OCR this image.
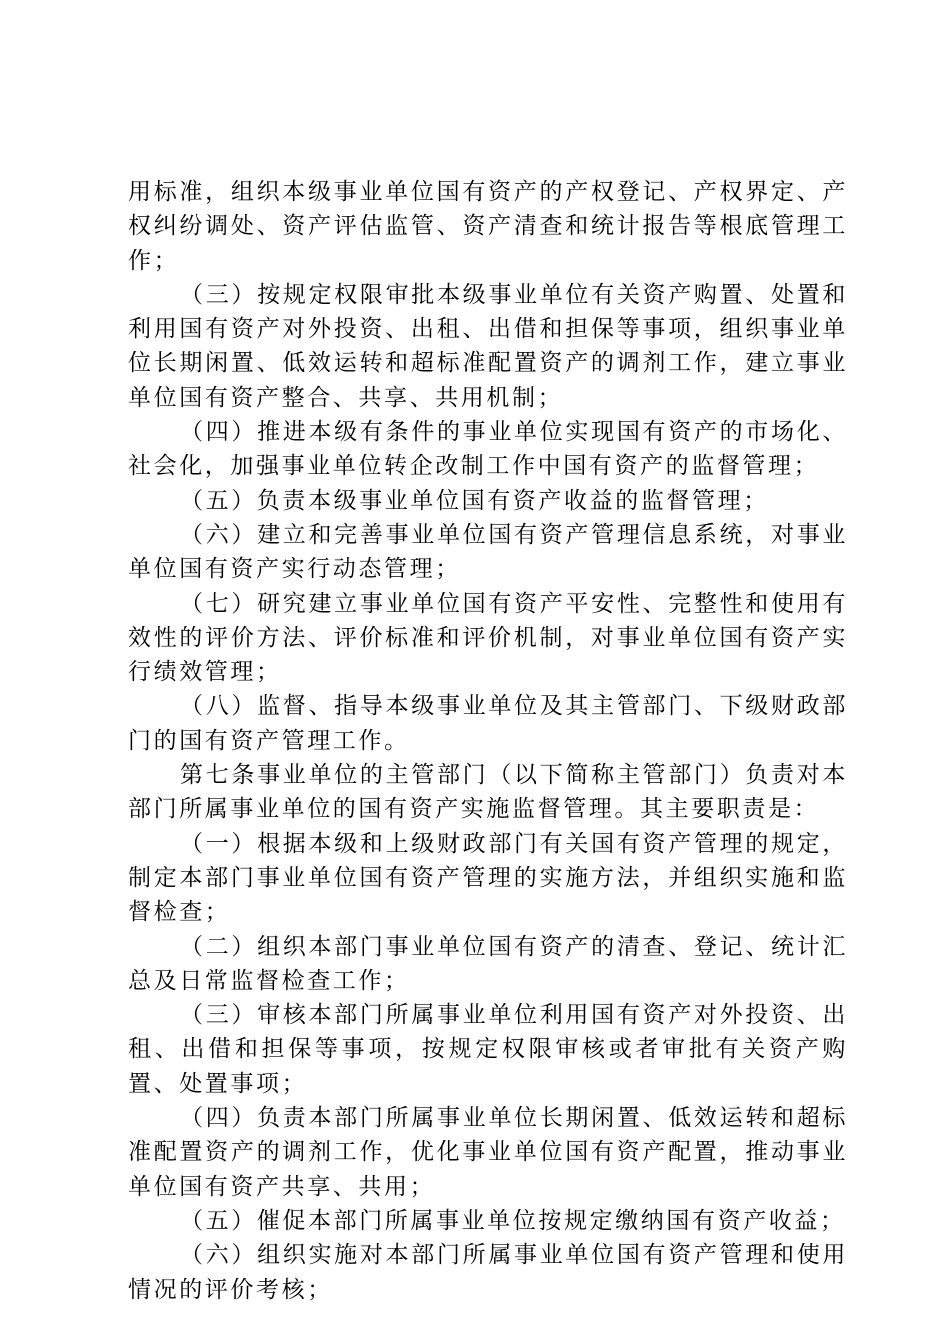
用标准，组织本级事业单位国有资产的产权登记、产权界定、产权纠纷调处、资产评估监管、资产清查和统计报告等根底管理工作；

（三）按规定权限审批本级事业单位有关资产购置、处置和利用国有资产对外投资、出租、出借和担保等事项，组织事业单位长期闲置、低效运转和超标准配置资产的调剂工作，建立事业单位国有资产整合、共享、共用机制；

（四）推进本级有条件的事业单位实现国有资产的市场化、社会化，加强事业单位转企改制工作中国有资产的监督管理；

（五）负责本级事业单位国有资产收益的监督管理；

（六）建立和完善事业单位国有资产管理信息系统，对事业单位国有资产实行动态管理；

（七）研究建立事业单位国有资产平安性、完整性和使用有效性的评价方法、评价标准和评价机制，对事业单位国有资产实行绩效管理；

（八）监督、指导本级事业单位及其主管部门、下级财政部门的国有资产管理工作。

第七条事业单位的主管部门（以下简称主管部门）负责对本部门所属事业单位的国有资产实施监督管理。其主要职责是：

（一）根据本级和上级财政部门有关国有资产管理的规定，制定本部门事业单位国有资产管理的实施方法，并组织实施和监督检查；

（二）组织本部门事业单位国有资产的清查、登记、统计汇总及日常监督检查工作；

（三）审核本部门所属事业单位利用国有资产对外投资、出租、出借和担保等事项，按规定权限审核或者审批有关资产购置、处置事项；

（四）负责本部门所属事业单位长期闲置、低效运转和超标准配置资产的调剂工作，优化事业单位国有资产配置，推动事业单位国有资产共享、共用；

（五）催促本部门所属事业单位按规定缴纳国有资产收益；

（六）组织实施对本部门所属事业单位国有资产管理和使用情况的评价考核；
